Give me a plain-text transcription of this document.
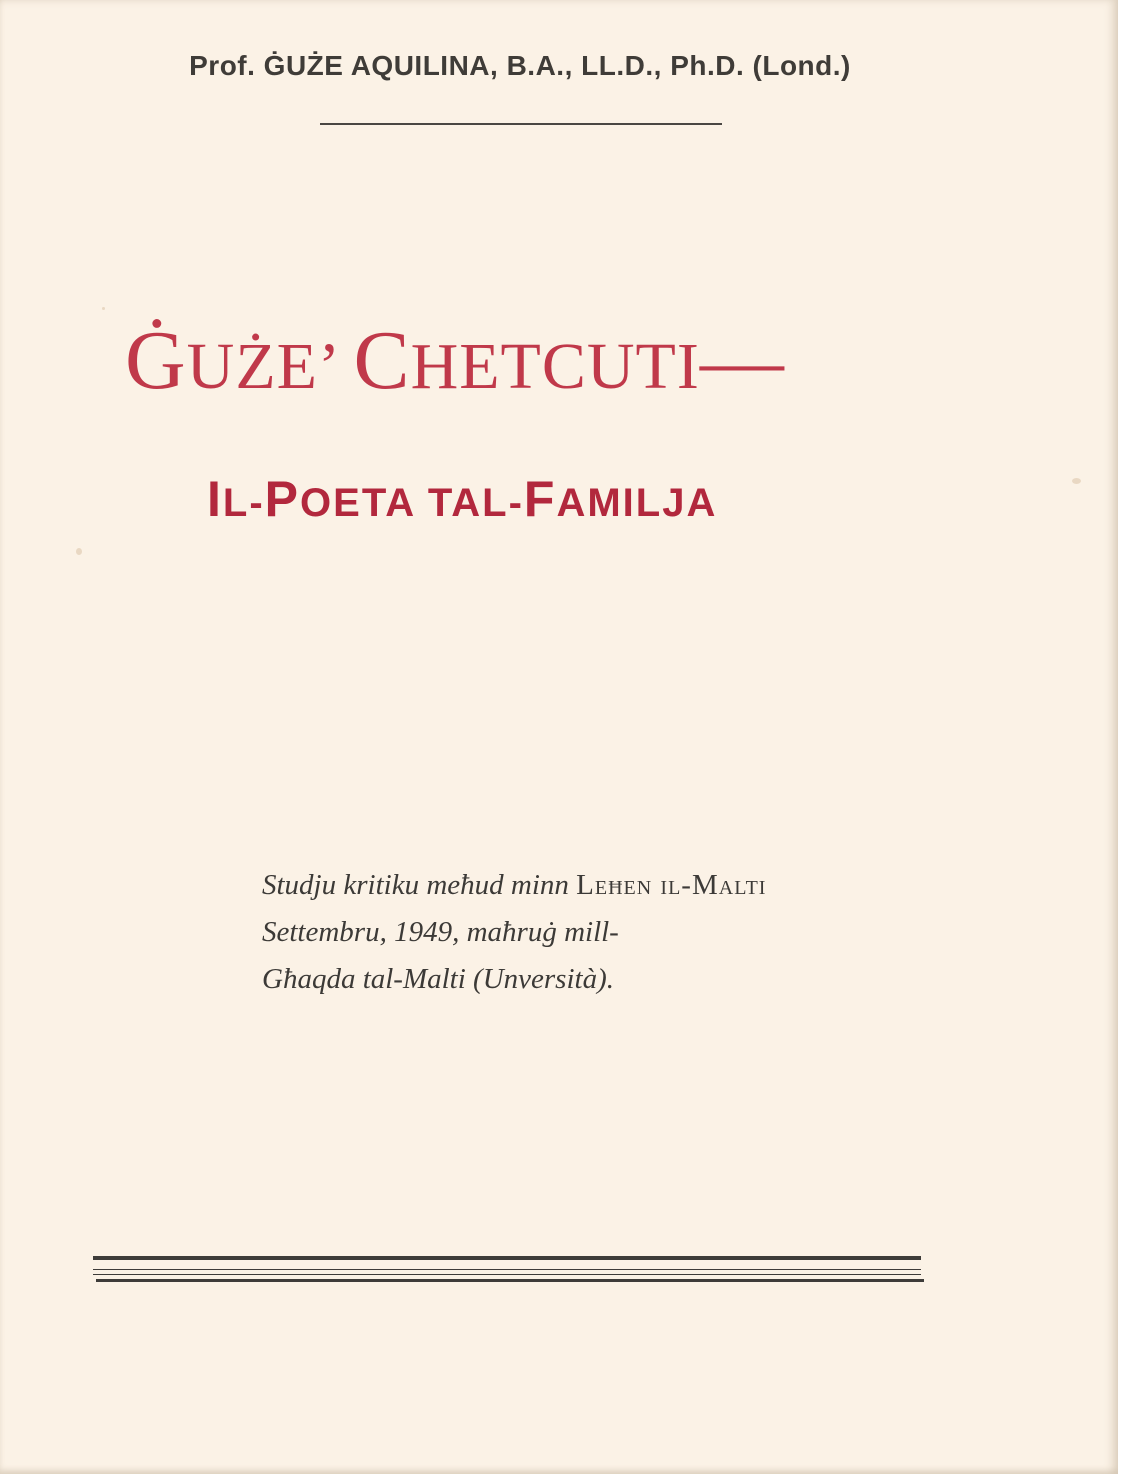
Prof. ĠUŻE AQUILINA, B.A., LL.D., Ph.D. (Lond.)
ĠUŻE’ CHETCUTI—
IL-POETA TAL-FAMILJA
Studju kritiku meħud minn Leħen il-Malti
Settembru, 1949, maħruġ mill-
Għaqda tal-Malti (Unversità).
